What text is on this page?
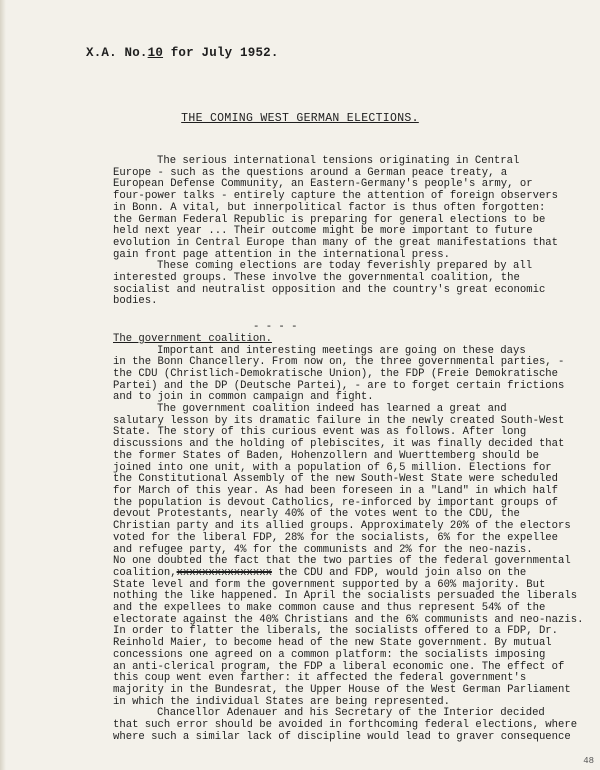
X.A. No.10 for July 1952.
THE COMING WEST GERMAN ELECTIONS.
The serious international tensions originating in Central
Europe - such as the questions around a German peace treaty, a
European Defense Community, an Eastern-Germany's people's army, or
four-power talks - entirely capture the attention of foreign observers
in Bonn. A vital, but innerpolitical factor is thus often forgotten:
the German Federal Republic is preparing for general elections to be
held next year ... Their outcome might be more important to future
evolution in Central Europe than many of the great manifestations that
gain front page attention in the international press.
These coming elections are today feverishly prepared by all
interested groups. These involve the governmental coalition, the
socialist and neutralist opposition and the country's great economic
bodies.
- - - -
The government coalition.
Important and interesting meetings are going on these days
in the Bonn Chancellery. From now on, the three governmental parties, -
the CDU (Christlich-Demokratische Union), the FDP (Freie Demokratische
Partei) and the DP (Deutsche Partei), - are to forget certain frictions
and to join in common campaign and fight.
The government coalition indeed has learned a great and
salutary lesson by its dramatic failure in the newly created South-West
State. The story of this curious event was as follows. After long
discussions and the holding of plebiscites, it was finally decided that
the former States of Baden, Hohenzollern and Wuerttemberg should be
joined into one unit, with a population of 6,5 million. Elections for
the Constitutional Assembly of the new South-West State were scheduled
for March of this year. As had been foreseen in a "Land" in which half
the population is devout Catholics, re-inforced by important groups of
devout Protestants, nearly 40% of the votes went to the CDU, the
Christian party and its allied groups. Approximately 20% of the electors
voted for the liberal FDP, 28% for the socialists, 6% for the expellee
and refugee party, 4% for the communists and 2% for the neo-nazis.
No one doubted the fact that the two parties of the federal governmental
coalition,xxxxxxxxxxxxxxx the CDU and FDP, would join also on the
State level and form the government supported by a 60% majority. But
nothing the like happened. In April the socialists persuaded the liberals
and the expellees to make common cause and thus represent 54% of the
electorate against the 40% Christians and the 6% communists and neo-nazis.
In order to flatter the liberals, the socialists offered to a FDP, Dr.
Reinhold Maier, to become head of the new State government. By mutual
concessions one agreed on a common platform: the socialists imposing
an anti-clerical program, the FDP a liberal economic one. The effect of
this coup went even farther: it affected the federal government's
majority in the Bundesrat, the Upper House of the West German Parliament
in which the individual States are being represented.
Chancellor Adenauer and his Secretary of the Interior decided
that such error should be avoided in forthcoming federal elections, where
where such a similar lack of discipline would lead to graver consequence
48
